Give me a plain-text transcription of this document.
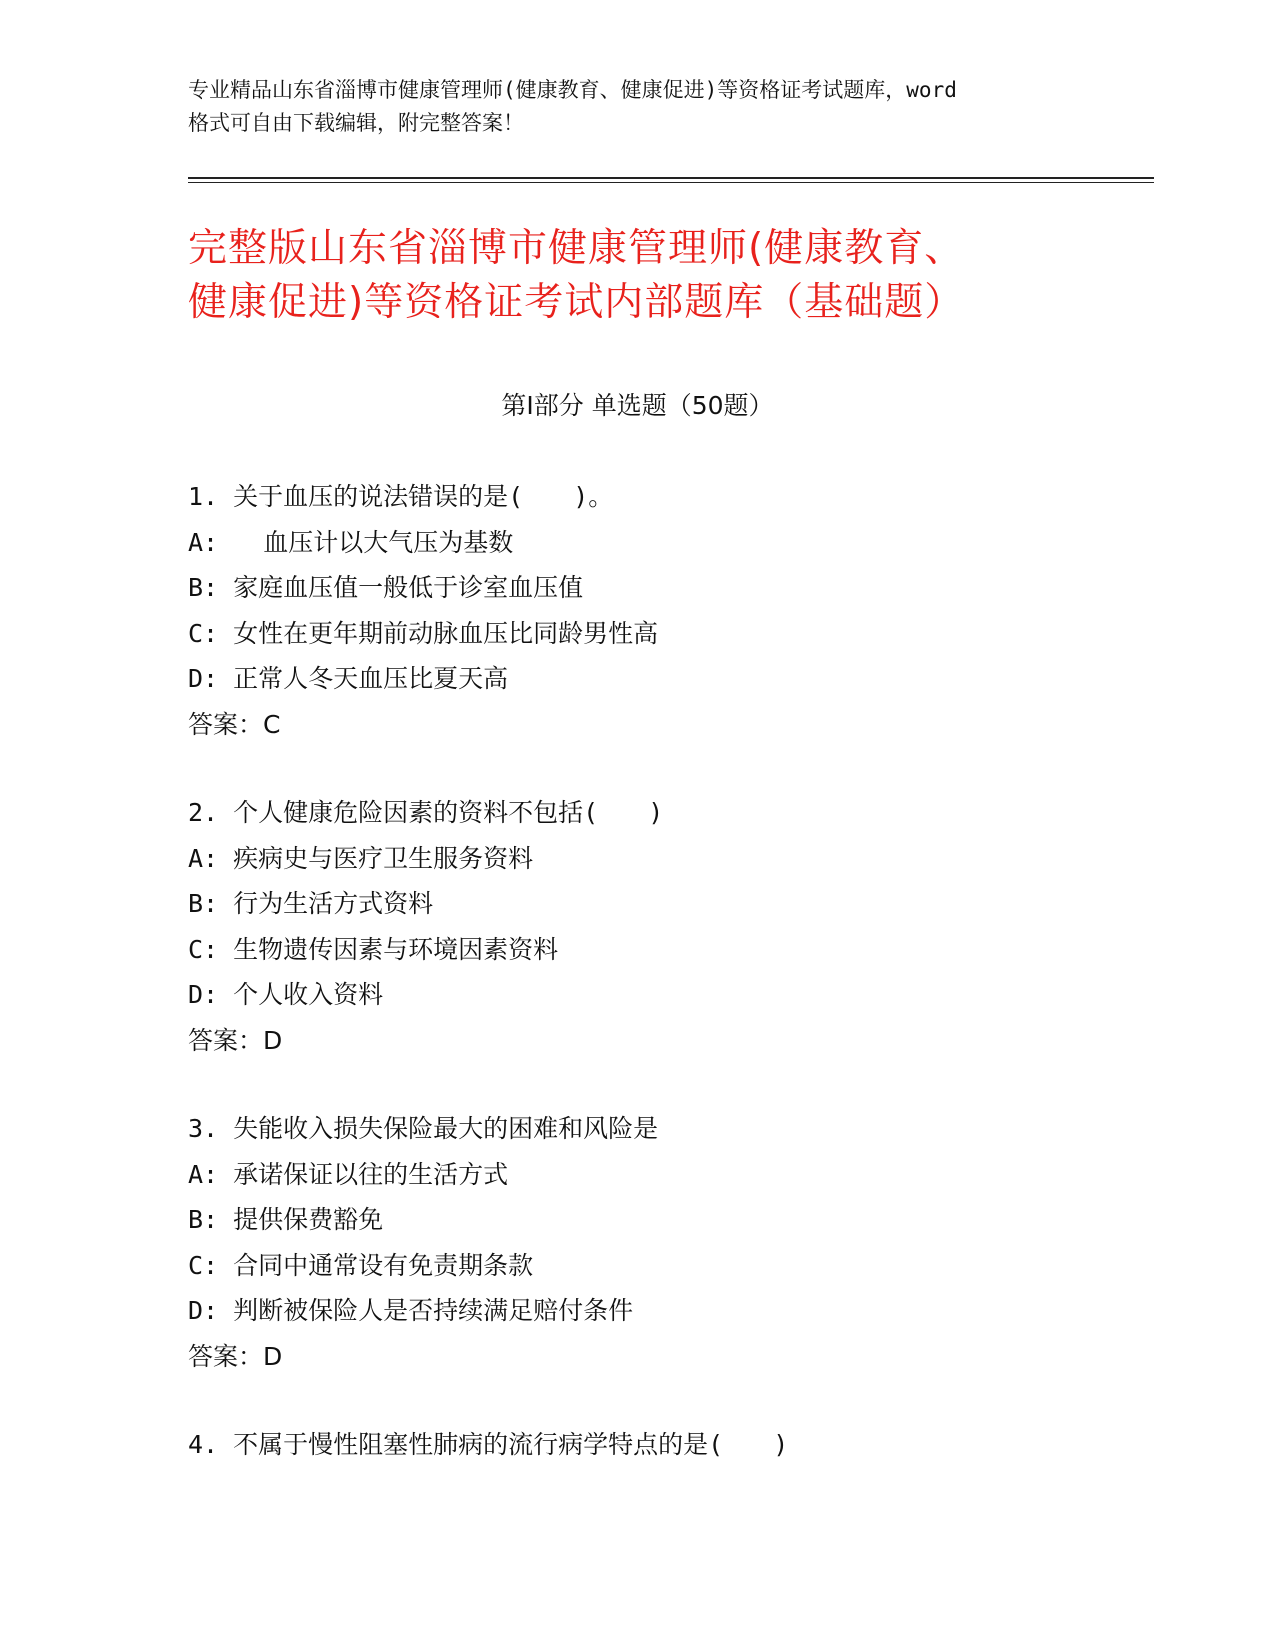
专业精品山东省淄博市健康管理师(健康教育、健康促进)等资格证考试题库，word
格式可自由下载编辑，附完整答案！
完整版山东省淄博市健康管理师(健康教育、
健康促进)等资格证考试内部题库（基础题）
第Ⅰ部分 单选题（50题）
1. 关于血压的说法错误的是(　　)。
A:   血压计以大气压为基数
B: 家庭血压值一般低于诊室血压值
C: 女性在更年期前动脉血压比同龄男性高
D: 正常人冬天血压比夏天高
答案：C
2. 个人健康危险因素的资料不包括(　　)
A: 疾病史与医疗卫生服务资料
B: 行为生活方式资料
C: 生物遗传因素与环境因素资料
D: 个人收入资料
答案：D
3. 失能收入损失保险最大的困难和风险是
A: 承诺保证以往的生活方式
B: 提供保费豁免
C: 合同中通常设有免责期条款
D: 判断被保险人是否持续满足赔付条件
答案：D
4. 不属于慢性阻塞性肺病的流行病学特点的是(　　)
